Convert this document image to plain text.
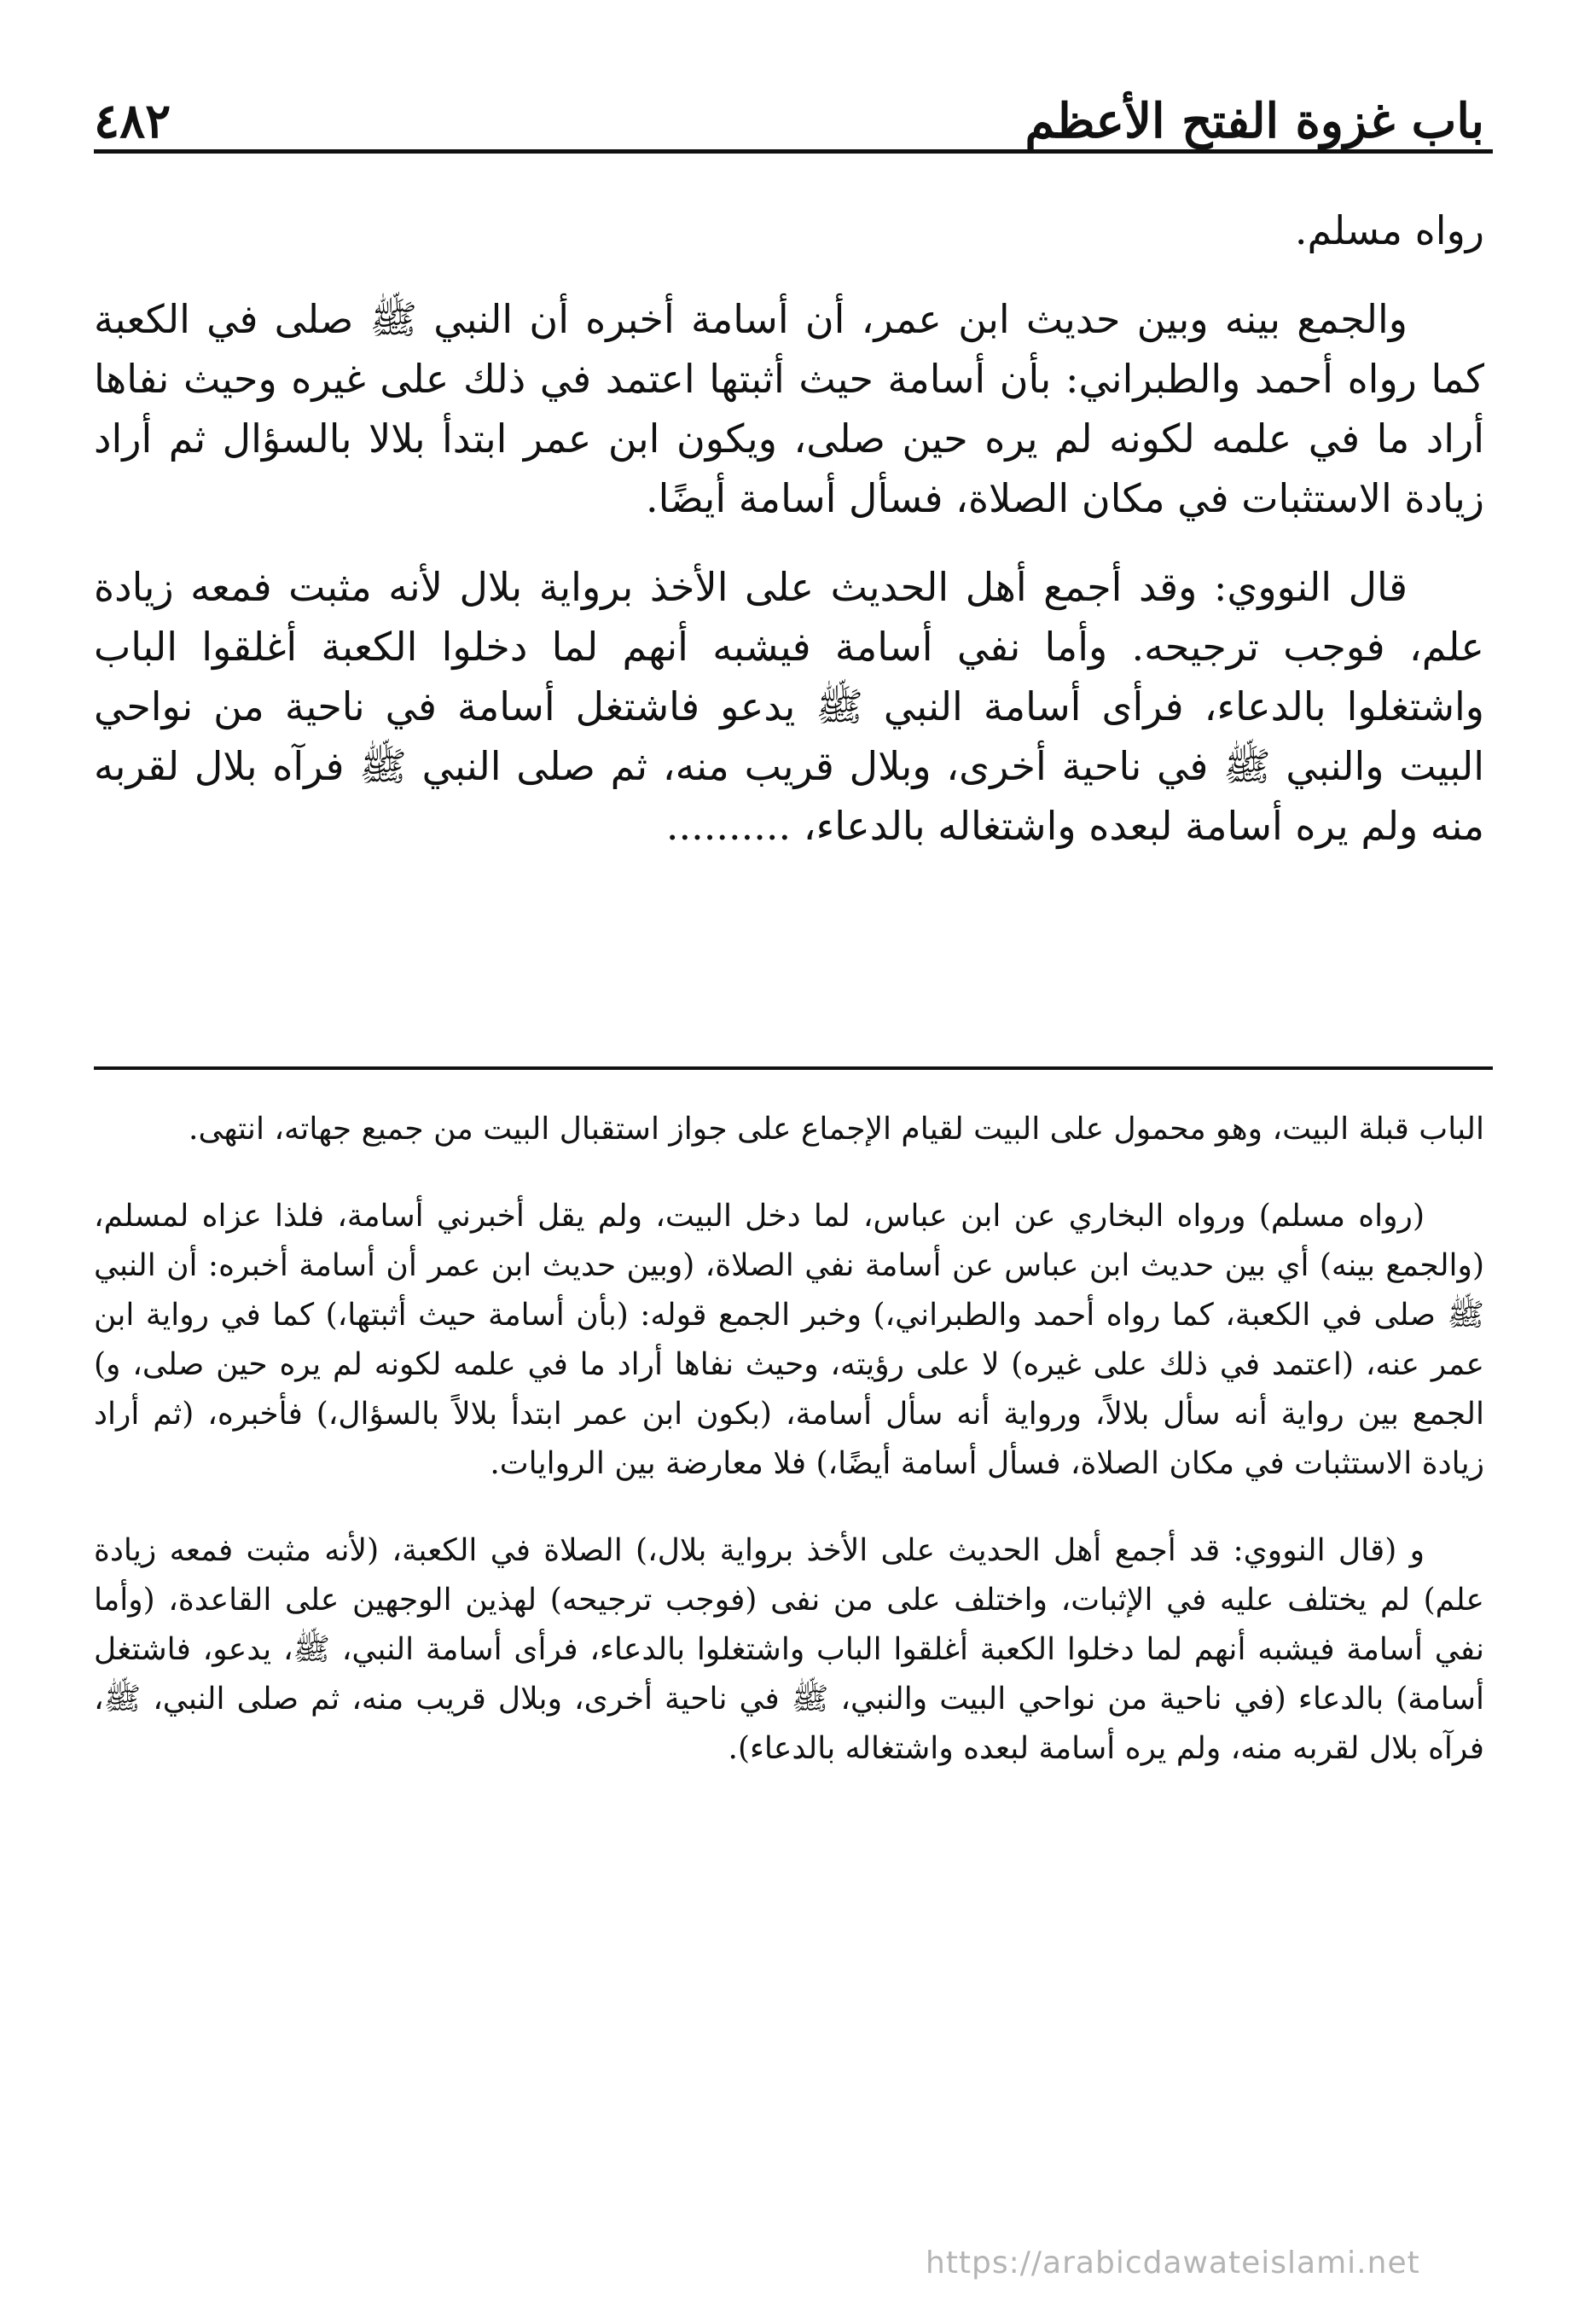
باب غزوة الفتح الأعظم
٤٨٢

رواه مسلم.

والجمع بينه وبين حديث ابن عمر، أن أسامة أخبره أن النبي ﷺ صلى في الكعبة كما رواه أحمد والطبراني: بأن أسامة حيث أثبتها اعتمد في ذلك على غيره وحيث نفاها أراد ما في علمه لكونه لم يره حين صلى، ويكون ابن عمر ابتدأ بلالا بالسؤال ثم أراد زيادة الاستثبات في مكان الصلاة، فسأل أسامة أيضًا.

قال النووي: وقد أجمع أهل الحديث على الأخذ برواية بلال لأنه مثبت فمعه زيادة علم، فوجب ترجيحه. وأما نفي أسامة فيشبه أنهم لما دخلوا الكعبة أغلقوا الباب واشتغلوا بالدعاء، فرأى أسامة النبي ﷺ يدعو فاشتغل أسامة في ناحية من نواحي البيت والنبي ﷺ في ناحية أخرى، وبلال قريب منه، ثم صلى النبي ﷺ فرآه بلال لقربه منه ولم يره أسامة لبعده واشتغاله بالدعاء، ..........

الباب قبلة البيت، وهو محمول على البيت لقيام الإجماع على جواز استقبال البيت من جميع جهاته، انتهى.

(رواه مسلم) ورواه البخاري عن ابن عباس، لما دخل البيت، ولم يقل أخبرني أسامة، فلذا عزاه لمسلم، (والجمع بينه) أي بين حديث ابن عباس عن أسامة نفي الصلاة، (وبين حديث ابن عمر أن أسامة أخبره: أن النبي ﷺ صلى في الكعبة، كما رواه أحمد والطبراني،) وخبر الجمع قوله: (بأن أسامة حيث أثبتها،) كما في رواية ابن عمر عنه، (اعتمد في ذلك على غيره) لا على رؤيته، وحيث نفاها أراد ما في علمه لكونه لم يره حين صلى، و) الجمع بين رواية أنه سأل بلالاً، ورواية أنه سأل أسامة، (بكون ابن عمر ابتدأ بلالاً بالسؤال،) فأخبره، (ثم أراد زيادة الاستثبات في مكان الصلاة، فسأل أسامة أيضًا،) فلا معارضة بين الروايات.

و (قال النووي: قد أجمع أهل الحديث على الأخذ برواية بلال،) الصلاة في الكعبة، (لأنه مثبت فمعه زيادة علم) لم يختلف عليه في الإثبات، واختلف على من نفى (فوجب ترجيحه) لهذين الوجهين على القاعدة، (وأما نفي أسامة فيشبه أنهم لما دخلوا الكعبة أغلقوا الباب واشتغلوا بالدعاء، فرأى أسامة النبي، ﷺ، يدعو، فاشتغل أسامة) بالدعاء (في ناحية من نواحي البيت والنبي، ﷺ في ناحية أخرى، وبلال قريب منه، ثم صلى النبي، ﷺ، فرآه بلال لقربه منه، ولم يره أسامة لبعده واشتغاله بالدعاء).

https://arabicdawateislami.net
